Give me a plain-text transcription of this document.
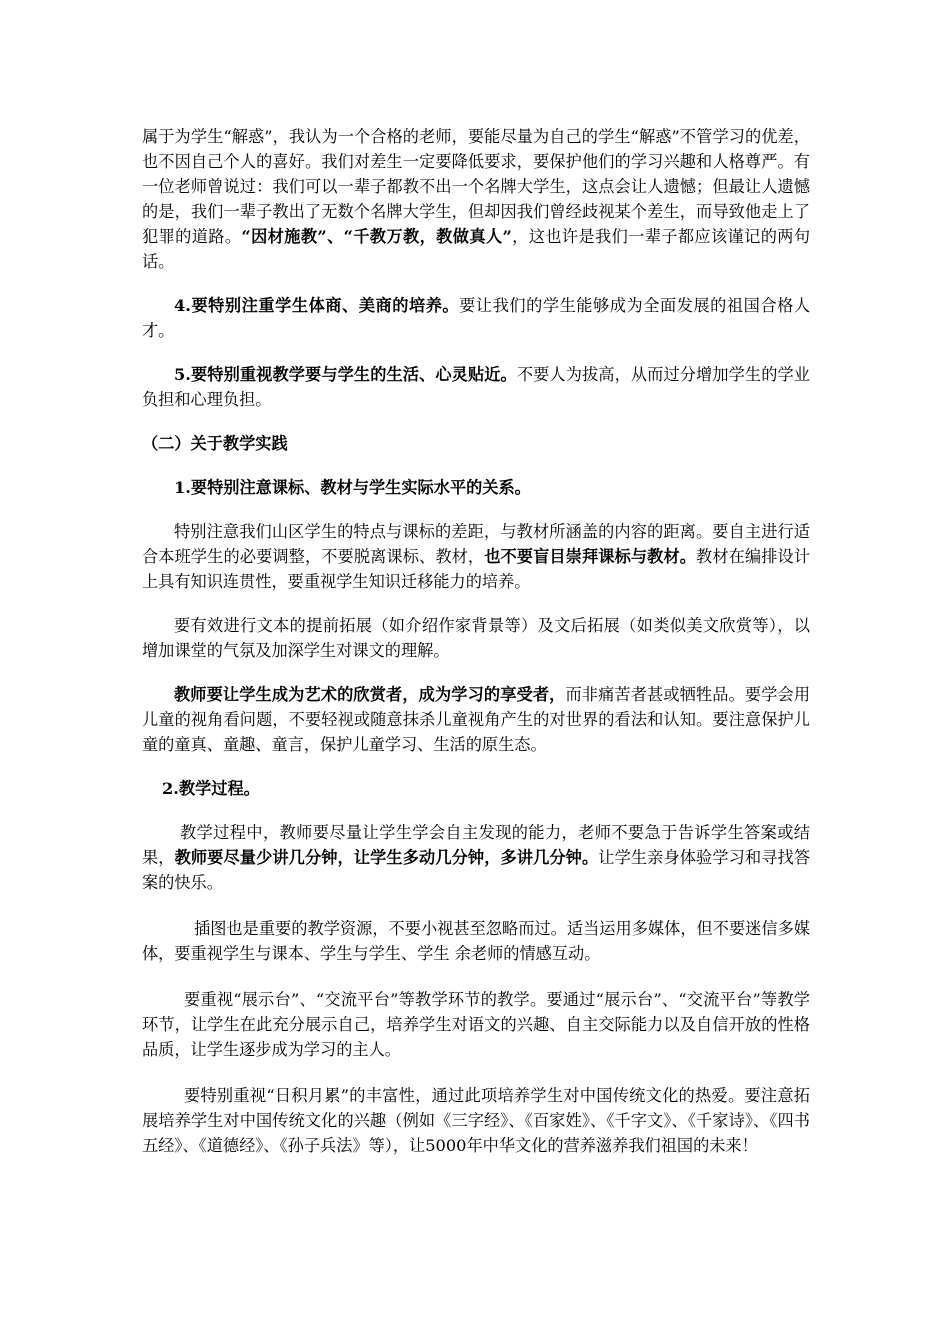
属于为学生“解惑”，我认为一个合格的老师，要能尽量为自己的学生“解惑”不管学习的优差，也不因自己个人的喜好。我们对差生一定要降低要求，要保护他们的学习兴趣和人格尊严。有一位老师曾说过：我们可以一辈子都教不出一个名牌大学生，这点会让人遗憾；但最让人遗憾的是，我们一辈子教出了无数个名牌大学生，但却因我们曾经歧视某个差生，而导致他走上了犯罪的道路。“因材施教”、“千教万教，教做真人”，这也许是我们一辈子都应该谨记的两句话。

4.要特别注重学生体商、美商的培养。要让我们的学生能够成为全面发展的祖国合格人才。

5.要特别重视教学要与学生的生活、心灵贴近。不要人为拔高，从而过分增加学生的学业负担和心理负担。

（二）关于教学实践

1.要特别注意课标、教材与学生实际水平的关系。

特别注意我们山区学生的特点与课标的差距，与教材所涵盖的内容的距离。要自主进行适合本班学生的必要调整，不要脱离课标、教材，也不要盲目崇拜课标与教材。教材在编排设计上具有知识连贯性，要重视学生知识迁移能力的培养。

要有效进行文本的提前拓展（如介绍作家背景等）及文后拓展（如类似美文欣赏等），以增加课堂的气氛及加深学生对课文的理解。

教师要让学生成为艺术的欣赏者，成为学习的享受者，而非痛苦者甚或牺牲品。要学会用儿童的视角看问题，不要轻视或随意抹杀儿童视角产生的对世界的看法和认知。要注意保护儿童的童真、童趣、童言，保护儿童学习、生活的原生态。

2.教学过程。

教学过程中，教师要尽量让学生学会自主发现的能力，老师不要急于告诉学生答案或结果，教师要尽量少讲几分钟，让学生多动几分钟，多讲几分钟。让学生亲身体验学习和寻找答案的快乐。

插图也是重要的教学资源，不要小视甚至忽略而过。适当运用多媒体，但不要迷信多媒体，要重视学生与课本、学生与学生、学生 余老师的情感互动。

要重视“展示台”、“交流平台”等教学环节的教学。要通过“展示台”、“交流平台”等教学环节，让学生在此充分展示自己，培养学生对语文的兴趣、自主交际能力以及自信开放的性格品质，让学生逐步成为学习的主人。

要特别重视“日积月累”的丰富性，通过此项培养学生对中国传统文化的热爱。要注意拓展培养学生对中国传统文化的兴趣（例如《三字经》、《百家姓》、《千字文》、《千家诗》、《四书五经》、《道德经》、《孙子兵法》等），让5000年中华文化的营养滋养我们祖国的未来！
